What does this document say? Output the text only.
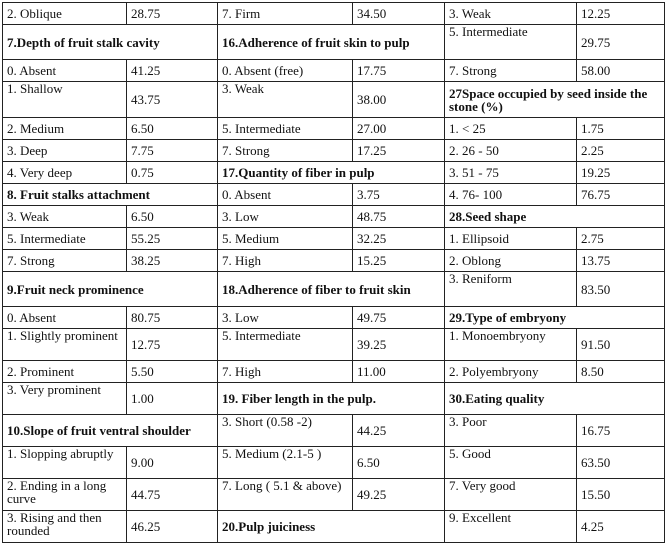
2. Oblique	28.75	7. Firm	34.50	3. Weak	12.25
7.Depth of fruit stalk cavity		16.Adherence of fruit skin to pulp		5. Intermediate	29.75
0. Absent	41.25	0. Absent (free)	17.75	7. Strong	58.00
1. Shallow	43.75	3. Weak	38.00	27Space occupied by seed inside the stone (%)	
2. Medium	6.50	5. Intermediate	27.00	1. < 25	1.75
3. Deep	7.75	7. Strong	17.25	2. 26 - 50	2.25
4. Very deep	0.75	17.Quantity of fiber in pulp		3. 51 - 75	19.25
8. Fruit stalks attachment		0. Absent	3.75	4. 76- 100	76.75
3. Weak	6.50	3. Low	48.75	28.Seed shape	
5. Intermediate	55.25	5. Medium	32.25	1. Ellipsoid	2.75
7. Strong	38.25	7. High	15.25	2. Oblong	13.75
9.Fruit neck prominence		18.Adherence of fiber to fruit skin		3. Reniform	83.50
0. Absent	80.75	3. Low	49.75	29.Type of embryony	
1. Slightly prominent	12.75	5. Intermediate	39.25	1. Monoembryony	91.50
2. Prominent	5.50	7. High	11.00	2. Polyembryony	8.50
3. Very prominent	1.00	19. Fiber length in the pulp.		30.Eating quality	
10.Slope of fruit ventral shoulder		3. Short (0.58 -2)	44.25	3. Poor	16.75
1. Slopping abruptly	9.00	5. Medium (2.1-5 )	6.50	5. Good	63.50
2. Ending in a long curve	44.75	7. Long ( 5.1 & above)	49.25	7. Very good	15.50
3. Rising and then rounded	46.25	20.Pulp juiciness		9. Excellent	4.25
